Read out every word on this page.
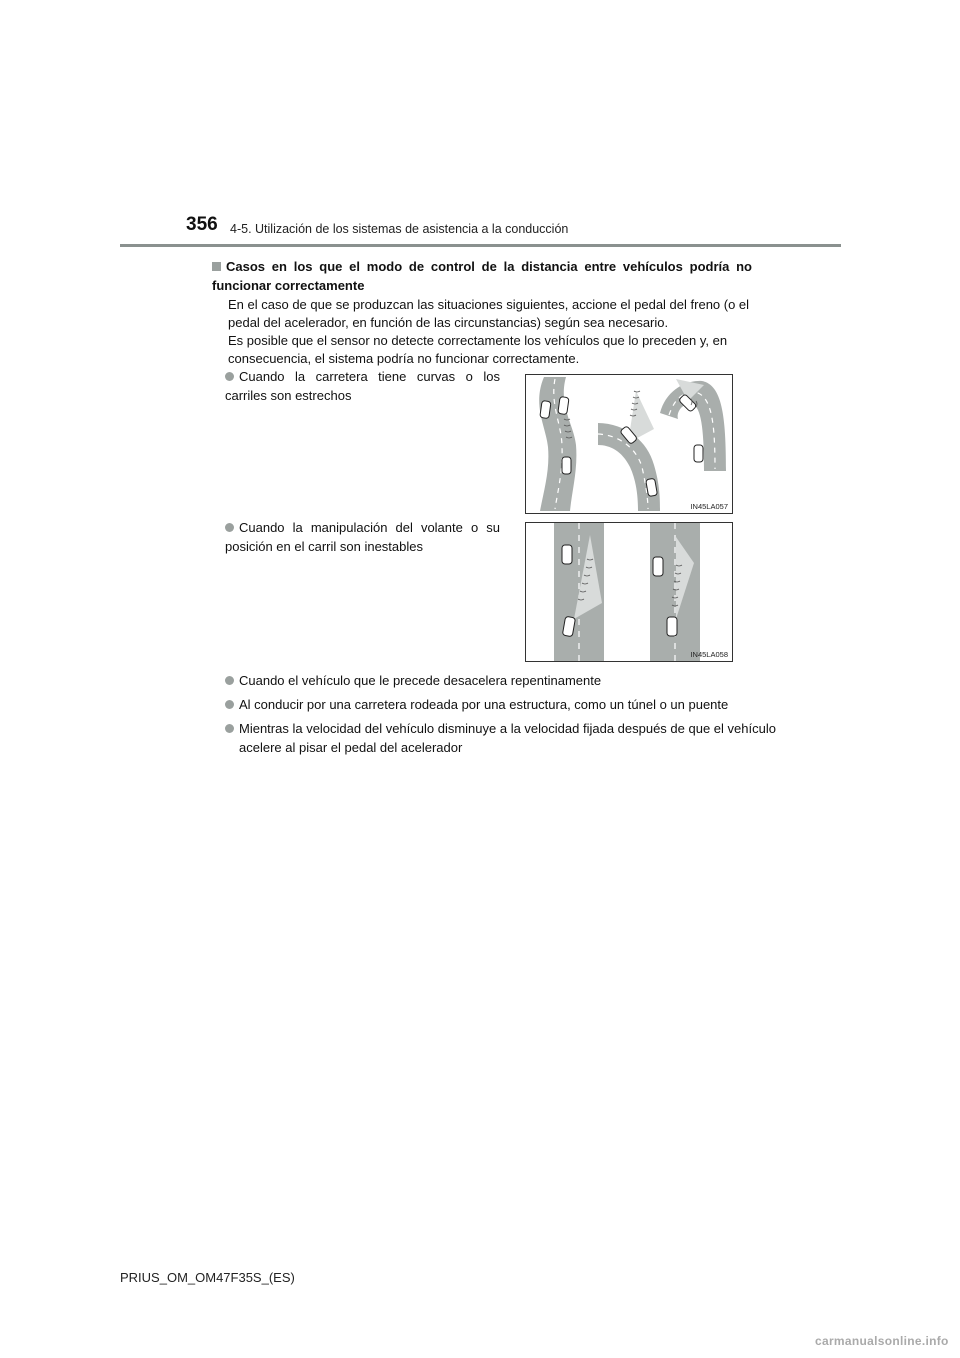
356 4-5. Utilización de los sistemas de asistencia a la conducción
Casos en los que el modo de control de la distancia entre vehículos podría no funcionar correctamente

En el caso de que se produzcan las situaciones siguientes, accione el pedal del freno (o el pedal del acelerador, en función de las circunstancias) según sea necesario.

Es posible que el sensor no detecte correctamente los vehículos que lo preceden y, en consecuencia, el sistema podría no funcionar correctamente.

Cuando la carretera tiene curvas o los carriles son estrechos
IN45LA057
Cuando la manipulación del volante o su posición en el carril son inestables
IN45LA058
Cuando el vehículo que le precede desacelera repentinamente
Al conducir por una carretera rodeada por una estructura, como un túnel o un puente
Mientras la velocidad del vehículo disminuye a la velocidad fijada después de que el vehículo acelere al pisar el pedal del acelerador
PRIUS_OM_OM47F35S_(ES)
carmanualsonline.info
